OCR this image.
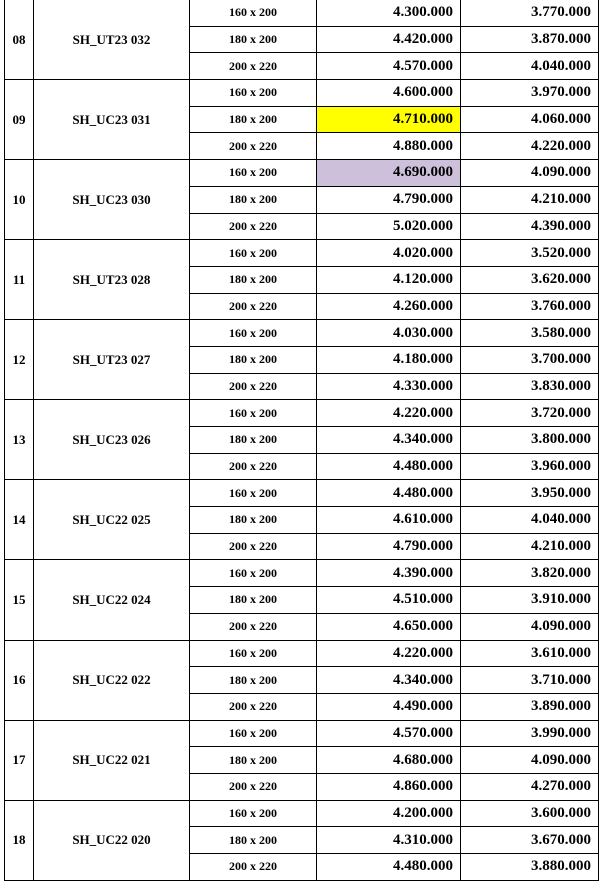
08	SH_UT23 032	160 x 200	4.300.000	3.770.000
		180 x 200	4.420.000	3.870.000
		200 x 220	4.570.000	4.040.000
09	SH_UC23 031	160 x 200	4.600.000	3.970.000
		180 x 200	4.710.000	4.060.000
		200 x 220	4.880.000	4.220.000
10	SH_UC23 030	160 x 200	4.690.000	4.090.000
		180 x 200	4.790.000	4.210.000
		200 x 220	5.020.000	4.390.000
11	SH_UT23 028	160 x 200	4.020.000	3.520.000
		180 x 200	4.120.000	3.620.000
		200 x 220	4.260.000	3.760.000
12	SH_UT23 027	160 x 200	4.030.000	3.580.000
		180 x 200	4.180.000	3.700.000
		200 x 220	4.330.000	3.830.000
13	SH_UC23 026	160 x 200	4.220.000	3.720.000
		180 x 200	4.340.000	3.800.000
		200 x 220	4.480.000	3.960.000
14	SH_UC22 025	160 x 200	4.480.000	3.950.000
		180 x 200	4.610.000	4.040.000
		200 x 220	4.790.000	4.210.000
15	SH_UC22 024	160 x 200	4.390.000	3.820.000
		180 x 200	4.510.000	3.910.000
		200 x 220	4.650.000	4.090.000
16	SH_UC22 022	160 x 200	4.220.000	3.610.000
		180 x 200	4.340.000	3.710.000
		200 x 220	4.490.000	3.890.000
17	SH_UC22 021	160 x 200	4.570.000	3.990.000
		180 x 200	4.680.000	4.090.000
		200 x 220	4.860.000	4.270.000
18	SH_UC22 020	160 x 200	4.200.000	3.600.000
		180 x 200	4.310.000	3.670.000
		200 x 220	4.480.000	3.880.000
